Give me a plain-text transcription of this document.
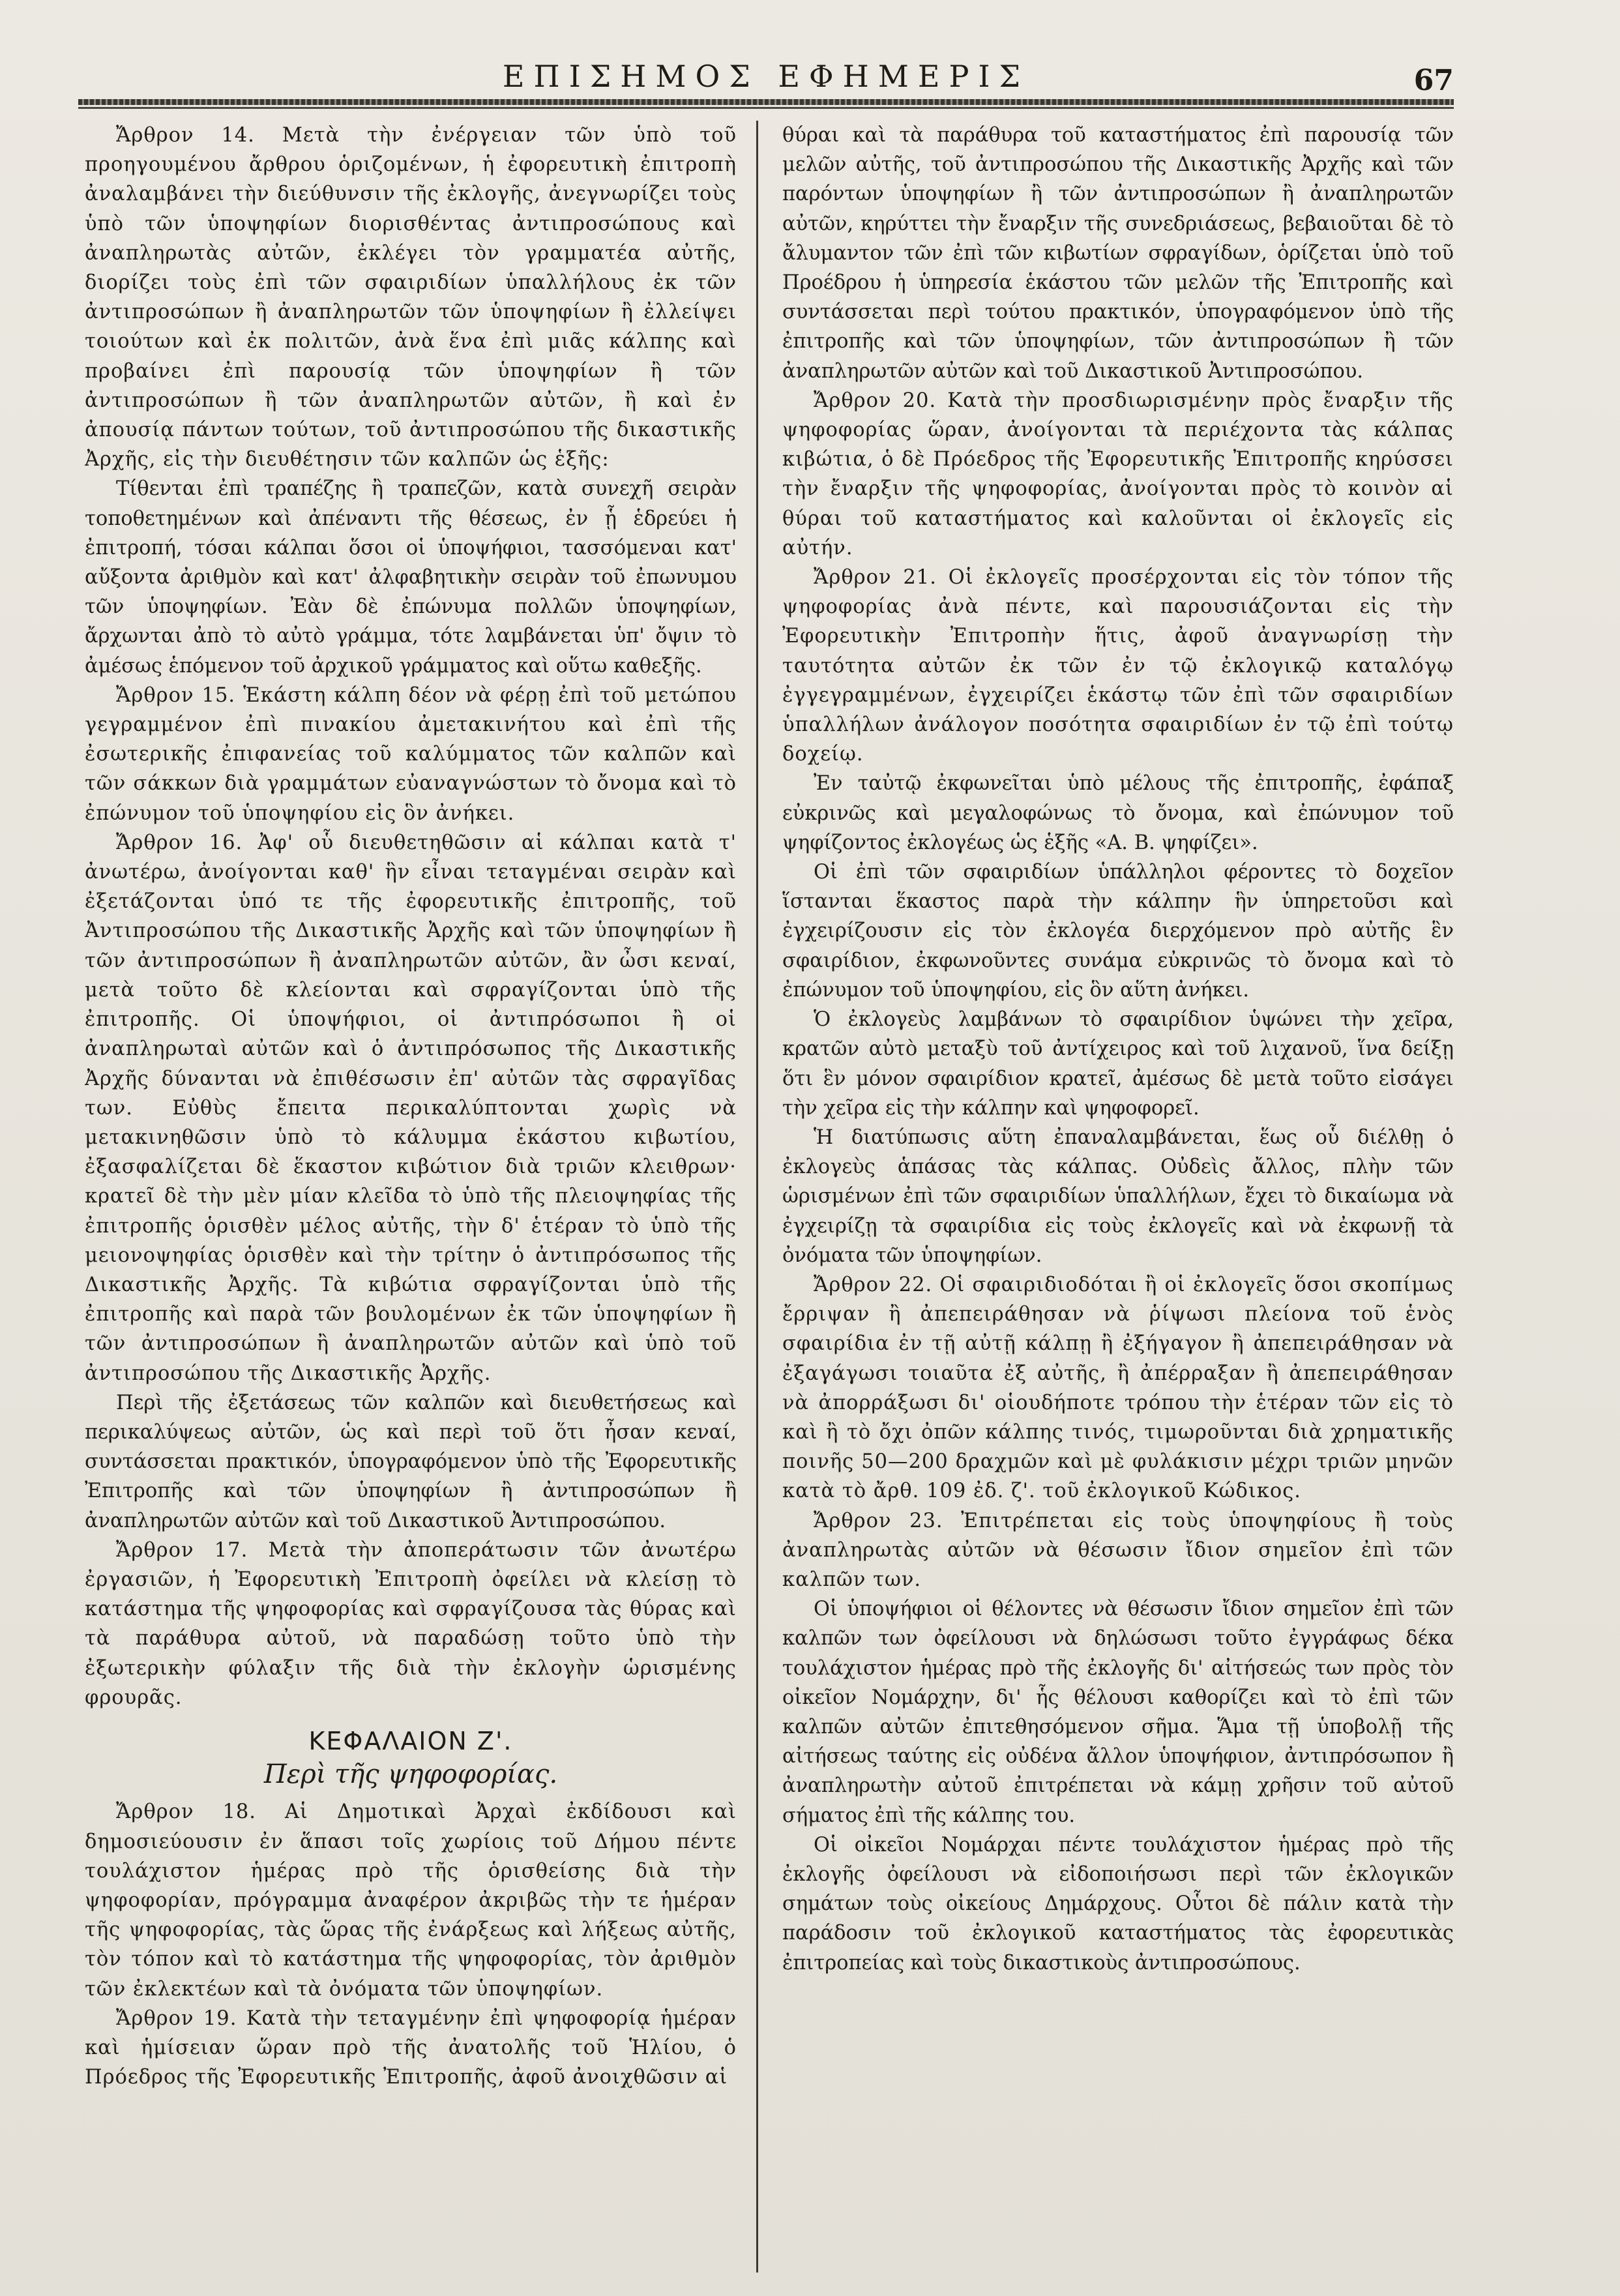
ΕΠΙΣΗΜΟΣ ΕΦΗΜΕΡΙΣ	67

Ἄρθρον 14. Μετὰ τὴν ἐνέργειαν τῶν ὑπὸ τοῦ προηγουμένου ἄρθρου ὁριζομένων, ἡ ἐφορευτικὴ ἐπιτροπὴ ἀναλαμβάνει τὴν διεύθυνσιν τῆς ἐκλογῆς, ἀνεγνωρίζει τοὺς ὑπὸ τῶν ὑποψηφίων διορισθέντας ἀντιπροσώπους καὶ ἀναπληρωτὰς αὐτῶν, ἐκλέγει τὸν γραμματέα αὐτῆς, διορίζει τοὺς ἐπὶ τῶν σφαιριδίων ὑπαλλήλους ἐκ τῶν ἀντιπροσώπων ἢ ἀναπληρωτῶν τῶν ὑποψηφίων ἢ ἐλλείψει τοιούτων καὶ ἐκ πολιτῶν, ἀνὰ ἕνα ἐπὶ μιᾶς κάλπης καὶ προβαίνει ἐπὶ παρουσίᾳ τῶν ὑποψηφίων ἢ τῶν ἀντιπροσώπων ἢ τῶν ἀναπληρωτῶν αὐτῶν, ἢ καὶ ἐν ἀπουσίᾳ πάντων τούτων, τοῦ ἀντιπροσώπου τῆς δικαστικῆς Ἀρχῆς, εἰς τὴν διευθέτησιν τῶν καλπῶν ὡς ἑξῆς:

Τίθενται ἐπὶ τραπέζης ἢ τραπεζῶν, κατὰ συνεχῆ σειρὰν τοποθετημένων καὶ ἀπέναντι τῆς θέσεως, ἐν ᾗ ἑδρεύει ἡ ἐπιτροπή, τόσαι κάλπαι ὅσοι οἱ ὑποψήφιοι, τασσόμεναι κατ' αὔξοντα ἀριθμὸν καὶ κατ' ἀλφαβητικὴν σειρὰν τοῦ ἐπωνυμου τῶν ὑποψηφίων. Ἐὰν δὲ ἐπώνυμα πολλῶν ὑποψηφίων, ἄρχωνται ἀπὸ τὸ αὐτὸ γράμμα, τότε λαμβάνεται ὑπ' ὄψιν τὸ ἀμέσως ἑπόμενον τοῦ ἀρχικοῦ γράμματος καὶ οὕτω καθεξῆς.

Ἄρθρον 15. Ἑκάστη κάλπη δέον νὰ φέρῃ ἐπὶ τοῦ μετώπου γεγραμμένον ἐπὶ πινακίου ἀμετακινήτου καὶ ἐπὶ τῆς ἐσωτερικῆς ἐπιφανείας τοῦ καλύμματος τῶν καλπῶν καὶ τῶν σάκκων διὰ γραμμάτων εὐαναγνώστων τὸ ὄνομα καὶ τὸ ἐπώνυμον τοῦ ὑποψηφίου εἰς ὃν ἀνήκει.

Ἄρθρον 16. Ἀφ' οὗ διευθετηθῶσιν αἱ κάλπαι κατὰ τ' ἀνωτέρω, ἀνοίγονται καθ' ἣν εἶναι τεταγμέναι σειρὰν καὶ ἐξετάζονται ὑπό τε τῆς ἐφορευτικῆς ἐπιτροπῆς, τοῦ Ἀντιπροσώπου τῆς Δικαστικῆς Ἀρχῆς καὶ τῶν ὑποψηφίων ἢ τῶν ἀντιπροσώπων ἢ ἀναπληρωτῶν αὐτῶν, ἂν ὦσι κεναί, μετὰ τοῦτο δὲ κλείονται καὶ σφραγίζονται ὑπὸ τῆς ἐπιτροπῆς. Οἱ ὑποψήφιοι, οἱ ἀντιπρόσωποι ἢ οἱ ἀναπληρωταὶ αὐτῶν καὶ ὁ ἀντιπρόσωπος τῆς Δικαστικῆς Ἀρχῆς δύνανται νὰ ἐπιθέσωσιν ἐπ' αὐτῶν τὰς σφραγῖδας των. Εὐθὺς ἔπειτα περικαλύπτονται χωρὶς νὰ μετακινηθῶσιν ὑπὸ τὸ κάλυμμα ἑκάστου κιβωτίου, ἐξασφαλίζεται δὲ ἕκαστον κιβώτιον διὰ τριῶν κλειθρων· κρατεῖ δὲ τὴν μὲν μίαν κλεῖδα τὸ ὑπὸ τῆς πλειοψηφίας τῆς ἐπιτροπῆς ὁρισθὲν μέλος αὐτῆς, τὴν δ' ἑτέραν τὸ ὑπὸ τῆς μειονοψηφίας ὁρισθὲν καὶ τὴν τρίτην ὁ ἀντιπρόσωπος τῆς Δικαστικῆς Ἀρχῆς. Τὰ κιβώτια σφραγίζονται ὑπὸ τῆς ἐπιτροπῆς καὶ παρὰ τῶν βουλομένων ἐκ τῶν ὑποψηφίων ἢ τῶν ἀντιπροσώπων ἢ ἀναπληρωτῶν αὐτῶν καὶ ὑπὸ τοῦ ἀντιπροσώπου τῆς Δικαστικῆς Ἀρχῆς.

Περὶ τῆς ἐξετάσεως τῶν καλπῶν καὶ διευθετήσεως καὶ περικαλύψεως αὐτῶν, ὡς καὶ περὶ τοῦ ὅτι ἦσαν κεναί, συντάσσεται πρακτικόν, ὑπογραφόμενον ὑπὸ τῆς Ἐφορευτικῆς Ἐπιτροπῆς καὶ τῶν ὑποψηφίων ἢ ἀντιπροσώπων ἢ ἀναπληρωτῶν αὐτῶν καὶ τοῦ Δικαστικοῦ Ἀντιπροσώπου.

Ἄρθρον 17. Μετὰ τὴν ἀποπεράτωσιν τῶν ἀνωτέρω ἐργασιῶν, ἡ Ἐφορευτικὴ Ἐπιτροπὴ ὀφείλει νὰ κλείσῃ τὸ κατάστημα τῆς ψηφοφορίας καὶ σφραγίζουσα τὰς θύρας καὶ τὰ παράθυρα αὐτοῦ, νὰ παραδώσῃ τοῦτο ὑπὸ τὴν ἐξωτερικὴν φύλαξιν τῆς διὰ τὴν ἐκλογὴν ὡρισμένης φρουρᾶς.

ΚΕΦΑΛΑΙΟΝ Ζ'.
Περὶ τῆς ψηφοφορίας.

Ἄρθρον 18. Αἱ Δημοτικαὶ Ἀρχαὶ ἐκδίδουσι καὶ δημοσιεύουσιν ἐν ἅπασι τοῖς χωρίοις τοῦ Δήμου πέντε τουλάχιστον ἡμέρας πρὸ τῆς ὁρισθείσης διὰ τὴν ψηφοφορίαν, πρόγραμμα ἀναφέρον ἀκριβῶς τὴν τε ἡμέραν τῆς ψηφοφορίας, τὰς ὥρας τῆς ἐνάρξεως καὶ λήξεως αὐτῆς, τὸν τόπον καὶ τὸ κατάστημα τῆς ψηφοφορίας, τὸν ἀριθμὸν τῶν ἐκλεκτέων καὶ τὰ ὀνόματα τῶν ὑποψηφίων.

Ἄρθρον 19. Κατὰ τὴν τεταγμένην ἐπὶ ψηφοφορίᾳ ἡμέραν καὶ ἡμίσειαν ὥραν πρὸ τῆς ἀνατολῆς τοῦ Ἡλίου, ὁ Πρόεδρος τῆς Ἐφορευτικῆς Ἐπιτροπῆς, ἀφοῦ ἀνοιχθῶσιν αἱ

θύραι καὶ τὰ παράθυρα τοῦ καταστήματος ἐπὶ παρουσίᾳ τῶν μελῶν αὐτῆς, τοῦ ἀντιπροσώπου τῆς Δικαστικῆς Ἀρχῆς καὶ τῶν παρόντων ὑποψηφίων ἢ τῶν ἀντιπροσώπων ἢ ἀναπληρωτῶν αὐτῶν, κηρύττει τὴν ἔναρξιν τῆς συνεδριάσεως, βεβαιοῦται δὲ τὸ ἄλυμαντον τῶν ἐπὶ τῶν κιβωτίων σφραγίδων, ὁρίζεται ὑπὸ τοῦ Προέδρου ἡ ὑπηρεσία ἑκάστου τῶν μελῶν τῆς Ἐπιτροπῆς καὶ συντάσσεται περὶ τούτου πρακτικόν, ὑπογραφόμενον ὑπὸ τῆς ἐπιτροπῆς καὶ τῶν ὑποψηφίων, τῶν ἀντιπροσώπων ἢ τῶν ἀναπληρωτῶν αὐτῶν καὶ τοῦ Δικαστικοῦ Ἀντιπροσώπου.

Ἄρθρον 20. Κατὰ τὴν προσδιωρισμένην πρὸς ἔναρξιν τῆς ψηφοφορίας ὥραν, ἀνοίγονται τὰ περιέχοντα τὰς κάλπας κιβώτια, ὁ δὲ Πρόεδρος τῆς Ἐφορευτικῆς Ἐπιτροπῆς κηρύσσει τὴν ἔναρξιν τῆς ψηφοφορίας, ἀνοίγονται πρὸς τὸ κοινὸν αἱ θύραι τοῦ καταστήματος καὶ καλοῦνται οἱ ἐκλογεῖς εἰς αὐτήν.

Ἄρθρον 21. Οἱ ἐκλογεῖς προσέρχονται εἰς τὸν τόπον τῆς ψηφοφορίας ἀνὰ πέντε, καὶ παρουσιάζονται εἰς τὴν Ἐφορευτικὴν Ἐπιτροπὴν ἥτις, ἀφοῦ ἀναγνωρίσῃ τὴν ταυτότητα αὐτῶν ἐκ τῶν ἐν τῷ ἐκλογικῷ καταλόγῳ ἐγγεγραμμένων, ἐγχειρίζει ἑκάστῳ τῶν ἐπὶ τῶν σφαιριδίων ὑπαλλήλων ἀνάλογον ποσότητα σφαιριδίων ἐν τῷ ἐπὶ τούτῳ δοχείῳ.

Ἐν ταὐτῷ ἐκφωνεῖται ὑπὸ μέλους τῆς ἐπιτροπῆς, ἐφάπαξ εὐκρινῶς καὶ μεγαλοφώνως τὸ ὄνομα, καὶ ἐπώνυμον τοῦ ψηφίζοντος ἐκλογέως ὡς ἑξῆς «Α. Β. ψηφίζει».

Οἱ ἐπὶ τῶν σφαιριδίων ὑπάλληλοι φέροντες τὸ δοχεῖον ἵστανται ἕκαστος παρὰ τὴν κάλπην ἣν ὑπηρετοῦσι καὶ ἐγχειρίζουσιν εἰς τὸν ἐκλογέα διερχόμενον πρὸ αὐτῆς ἓν σφαιρίδιον, ἐκφωνοῦντες συνάμα εὐκρινῶς τὸ ὄνομα καὶ τὸ ἐπώνυμον τοῦ ὑποψηφίου, εἰς ὃν αὕτη ἀνήκει.

Ὁ ἐκλογεὺς λαμβάνων τὸ σφαιρίδιον ὑψώνει τὴν χεῖρα, κρατῶν αὐτὸ μεταξὺ τοῦ ἀντίχειρος καὶ τοῦ λιχανοῦ, ἵνα δείξῃ ὅτι ἓν μόνον σφαιρίδιον κρατεῖ, ἀμέσως δὲ μετὰ τοῦτο εἰσάγει τὴν χεῖρα εἰς τὴν κάλπην καὶ ψηφοφορεῖ.

Ἡ διατύπωσις αὕτη ἐπαναλαμβάνεται, ἕως οὗ διέλθῃ ὁ ἐκλογεὺς ἁπάσας τὰς κάλπας. Οὐδεὶς ἄλλος, πλὴν τῶν ὡρισμένων ἐπὶ τῶν σφαιριδίων ὑπαλλήλων, ἔχει τὸ δικαίωμα νὰ ἐγχειρίζῃ τὰ σφαιρίδια εἰς τοὺς ἐκλογεῖς καὶ νὰ ἐκφωνῇ τὰ ὀνόματα τῶν ὑποψηφίων.

Ἄρθρον 22. Οἱ σφαιριδιοδόται ἢ οἱ ἐκλογεῖς ὅσοι σκοπίμως ἔρριψαν ἢ ἀπεπειράθησαν νὰ ῥίψωσι πλείονα τοῦ ἑνὸς σφαιρίδια ἐν τῇ αὐτῇ κάλπῃ ἢ ἐξήγαγον ἢ ἀπεπειράθησαν νὰ ἐξαγάγωσι τοιαῦτα ἐξ αὐτῆς, ἢ ἀπέρραξαν ἢ ἀπεπειράθησαν νὰ ἀπορράξωσι δι' οἱουδήποτε τρόπου τὴν ἑτέραν τῶν εἰς τὸ καὶ ἢ τὸ ὄχι ὀπῶν κάλπης τινός, τιμωροῦνται διὰ χρηματικῆς ποινῆς 50—200 δραχμῶν καὶ μὲ φυλάκισιν μέχρι τριῶν μηνῶν κατὰ τὸ ἄρθ. 109 ἐδ. ζ'. τοῦ ἐκλογικοῦ Κώδικος.

Ἄρθρον 23. Ἐπιτρέπεται εἰς τοὺς ὑποψηφίους ἢ τοὺς ἀναπληρωτὰς αὐτῶν νὰ θέσωσιν ἴδιον σημεῖον ἐπὶ τῶν καλπῶν των.

Οἱ ὑποψήφιοι οἱ θέλοντες νὰ θέσωσιν ἴδιον σημεῖον ἐπὶ τῶν καλπῶν των ὀφείλουσι νὰ δηλώσωσι τοῦτο ἐγγράφως δέκα τουλάχιστον ἡμέρας πρὸ τῆς ἐκλογῆς δι' αἰτήσεώς των πρὸς τὸν οἰκεῖον Νομάρχην, δι' ἧς θέλουσι καθορίζει καὶ τὸ ἐπὶ τῶν καλπῶν αὐτῶν ἐπιτεθησόμενον σῆμα. Ἅμα τῇ ὑποβολῇ τῆς αἰτήσεως ταύτης εἰς οὐδένα ἄλλον ὑποψήφιον, ἀντιπρόσωπον ἢ ἀναπληρωτὴν αὐτοῦ ἐπιτρέπεται νὰ κάμῃ χρῆσιν τοῦ αὐτοῦ σήματος ἐπὶ τῆς κάλπης του.

Οἱ οἰκεῖοι Νομάρχαι πέντε τουλάχιστον ἡμέρας πρὸ τῆς ἐκλογῆς ὀφείλουσι νὰ εἰδοποιήσωσι περὶ τῶν ἐκλογικῶν σημάτων τοὺς οἰκείους Δημάρχους. Οὗτοι δὲ πάλιν κατὰ τὴν παράδοσιν τοῦ ἐκλογικοῦ καταστήματος τὰς ἐφορευτικὰς ἐπιτροπείας καὶ τοὺς δικαστικοὺς ἀντιπροσώπους.
